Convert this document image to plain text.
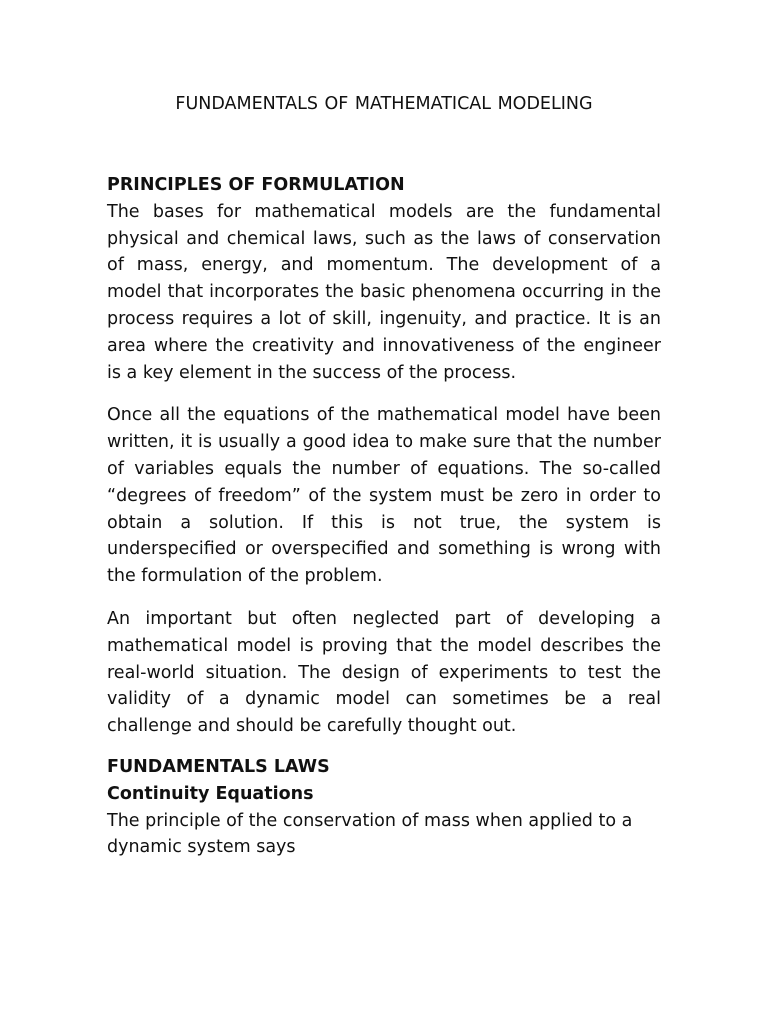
FUNDAMENTALS OF MATHEMATICAL MODELING
PRINCIPLES OF FORMULATION

The bases for mathematical models are the fundamental physical and chemical laws, such as the laws of conservation of mass, energy, and momentum. The development of a model that incorporates the basic phenomena occurring in the process requires a lot of skill, ingenuity, and practice. It is an area where the creativity and innovativeness of the engineer is a key element in the success of the process.

Once all the equations of the mathematical model have been written, it is usually a good idea to make sure that the number of variables equals the number of equations. The so-called “degrees of freedom” of the system must be zero in order to obtain a solution. If this is not true, the system is underspecified or overspecified and something is wrong with the formulation of the problem.

An important but often neglected part of developing a mathematical model is proving that the model describes the real-world situation. The design of experiments to test the validity of a dynamic model can sometimes be a real challenge and should be carefully thought out.

FUNDAMENTALS LAWS
Continuity Equations

The principle of the conservation of mass when applied to a dynamic system says
